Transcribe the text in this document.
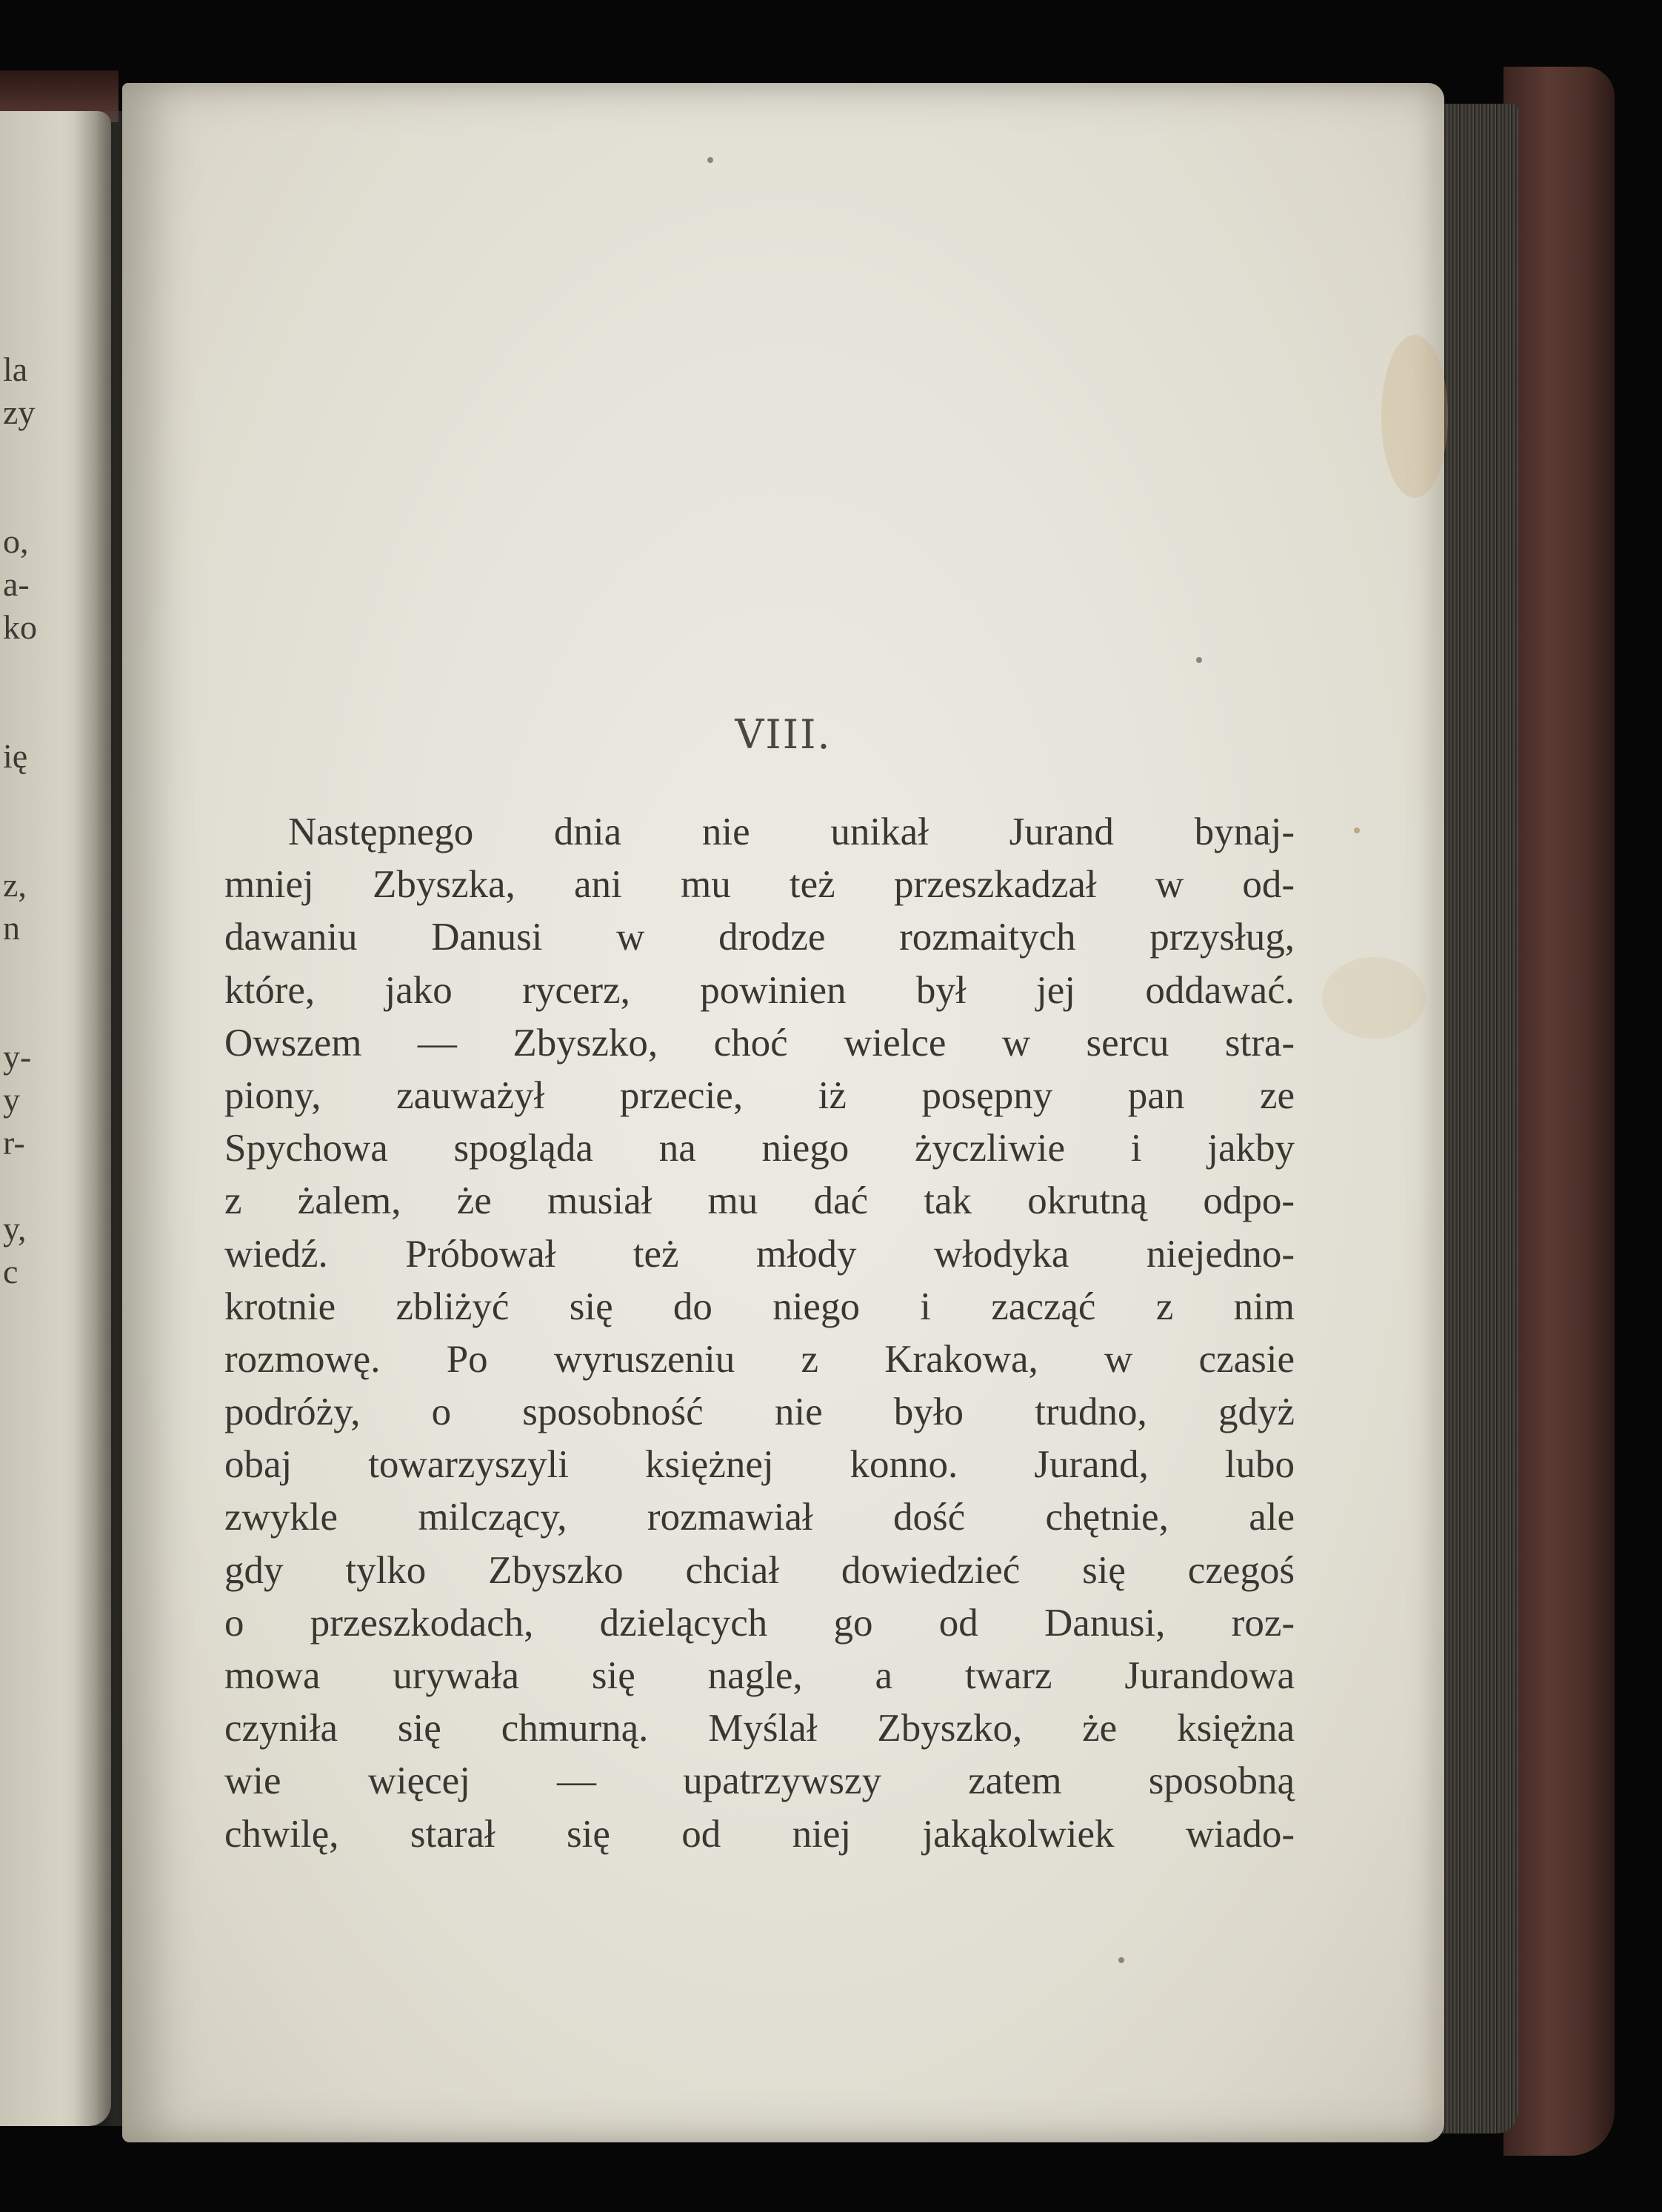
la
zy
o,
a-
ko
ię
z,
n
y-
y
r-
y,
c
VIII.
Następnego dnia nie unikał Jurand bynaj-
mniej Zbyszka, ani mu też przeszkadzał w od-
dawaniu Danusi w drodze rozmaitych przysług,
które, jako rycerz, powinien był jej oddawać.
Owszem — Zbyszko, choć wielce w sercu stra-
piony, zauważył przecie, iż posępny pan ze
Spychowa spogląda na niego życzliwie i jakby
z żalem, że musiał mu dać tak okrutną odpo-
wiedź. Próbował też młody włodyka niejedno-
krotnie zbliżyć się do niego i zacząć z nim
rozmowę. Po wyruszeniu z Krakowa, w czasie
podróży, o sposobność nie było trudno, gdyż
obaj towarzyszyli księżnej konno. Jurand, lubo
zwykle milczący, rozmawiał dość chętnie, ale
gdy tylko Zbyszko chciał dowiedzieć się czegoś
o przeszkodach, dzielących go od Danusi, roz-
mowa urywała się nagle, a twarz Jurandowa
czyniła się chmurną. Myślał Zbyszko, że księżna
wie więcej — upatrzywszy zatem sposobną
chwilę, starał się od niej jakąkolwiek wiado-
